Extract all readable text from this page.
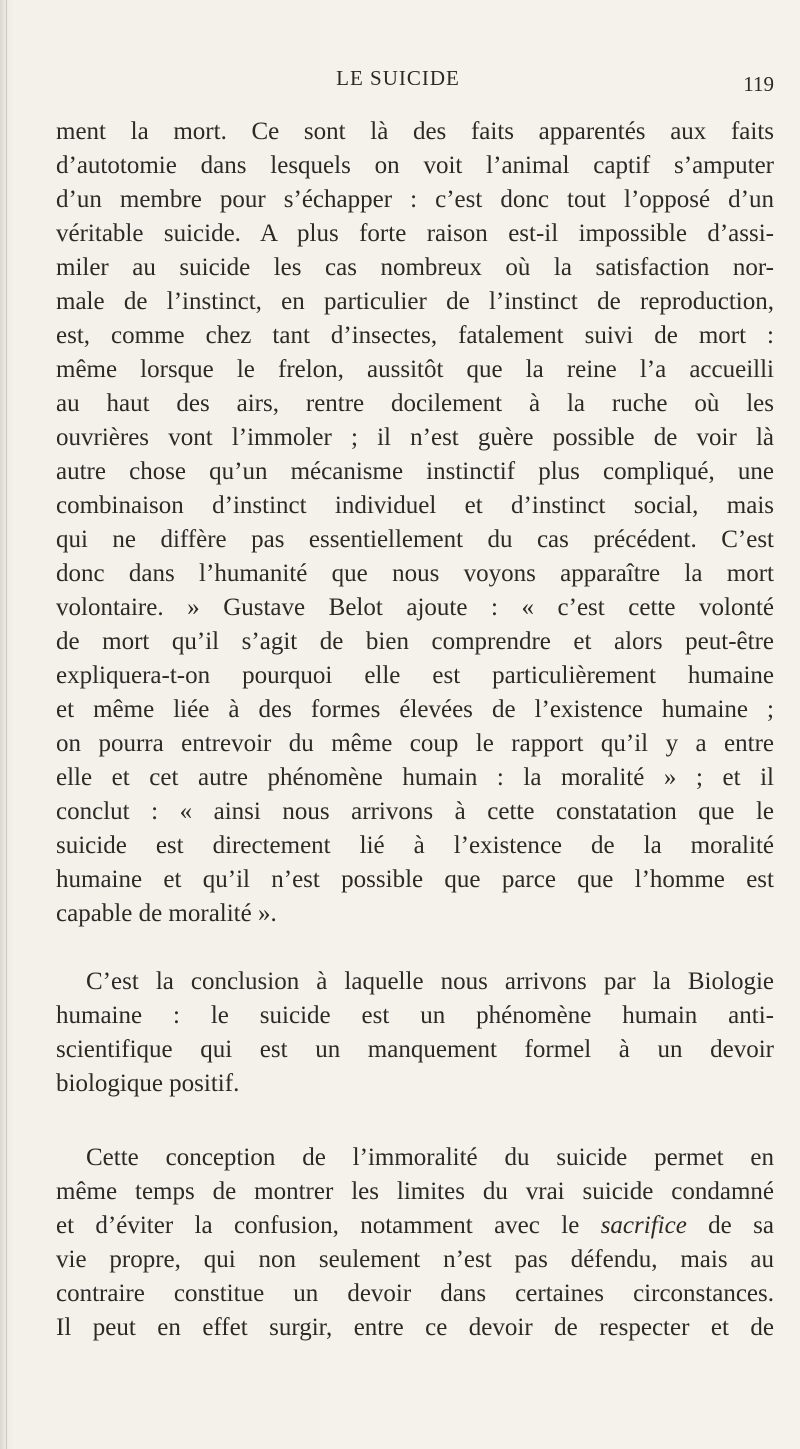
LE SUICIDE	119
ment la mort. Ce sont là des faits apparentés aux faits
d’autotomie dans lesquels on voit l’animal captif s’amputer
d’un membre pour s’échapper : c’est donc tout l’opposé d’un
véritable suicide. A plus forte raison est-il impossible d’assi-
miler au suicide les cas nombreux où la satisfaction nor-
male de l’instinct, en particulier de l’instinct de reproduction,
est, comme chez tant d’insectes, fatalement suivi de mort :
même lorsque le frelon, aussitôt que la reine l’a accueilli
au haut des airs, rentre docilement à la ruche où les
ouvrières vont l’immoler ; il n’est guère possible de voir là
autre chose qu’un mécanisme instinctif plus compliqué, une
combinaison d’instinct individuel et d’instinct social, mais
qui ne diffère pas essentiellement du cas précédent. C’est
donc dans l’humanité que nous voyons apparaître la mort
volontaire. » Gustave Belot ajoute : « c’est cette volonté
de mort qu’il s’agit de bien comprendre et alors peut-être
expliquera-t-on pourquoi elle est particulièrement humaine
et même liée à des formes élevées de l’existence humaine ;
on pourra entrevoir du même coup le rapport qu’il y a entre
elle et cet autre phénomène humain : la moralité » ; et il
conclut : « ainsi nous arrivons à cette constatation que le
suicide est directement lié à l’existence de la moralité
humaine et qu’il n’est possible que parce que l’homme est
capable de moralité ».
C’est la conclusion à laquelle nous arrivons par la Biologie
humaine : le suicide est un phénomène humain anti-
scientifique qui est un manquement formel à un devoir
biologique positif.
Cette conception de l’immoralité du suicide permet en
même temps de montrer les limites du vrai suicide condamné
et d’éviter la confusion, notamment avec le sacrifice de sa
vie propre, qui non seulement n’est pas défendu, mais au
contraire constitue un devoir dans certaines circonstances.
Il peut en effet surgir, entre ce devoir de respecter et de
